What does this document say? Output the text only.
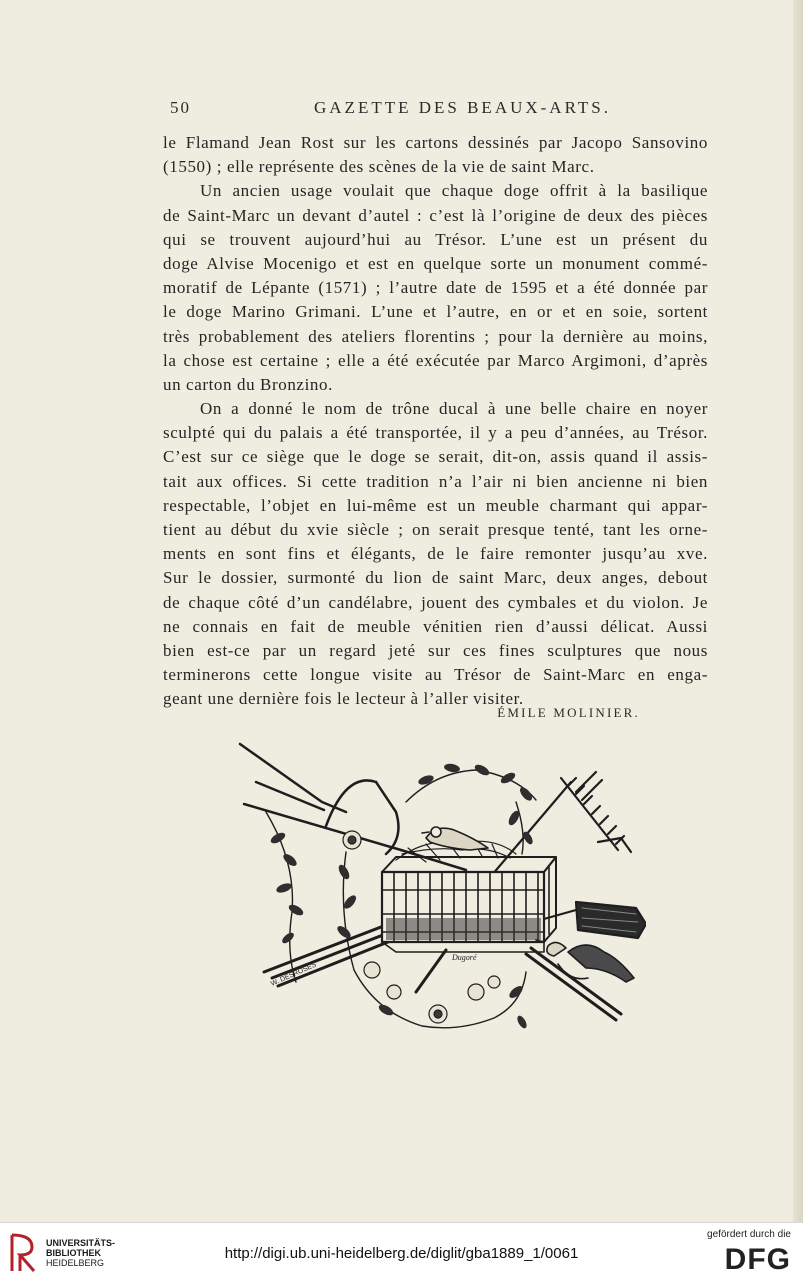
50	GAZETTE DES BEAUX-ARTS.
le Flamand Jean Rost sur les cartons dessinés par Jacopo Sansovino
(1550) ; elle représente des scènes de la vie de saint Marc.
Un ancien usage voulait que chaque doge offrit à la basilique
de Saint-Marc un devant d’autel : c’est là l’origine de deux des pièces
qui se trouvent aujourd’hui au Trésor. L’une est un présent du
doge Alvise Mocenigo et est en quelque sorte un monument commé-
moratif de Lépante (1571) ; l’autre date de 1595 et a été donnée par
le doge Marino Grimani. L’une et l’autre, en or et en soie, sortent
très probablement des ateliers florentins ; pour la dernière au moins,
la chose est certaine ; elle a été exécutée par Marco Argimoni, d’après
un carton du Bronzino.
On a donné le nom de trône ducal à une belle chaire en noyer
sculpté qui du palais a été transportée, il y a peu d’années, au Trésor.
C’est sur ce siège que le doge se serait, dit-on, assis quand il assis-
tait aux offices. Si cette tradition n’a l’air ni bien ancienne ni bien
respectable, l’objet en lui-même est un meuble charmant qui appar-
tient au début du xvie siècle ; on serait presque tenté, tant les orne-
ments en sont fins et élégants, de le faire remonter jusqu’au xve.
Sur le dossier, surmonté du lion de saint Marc, deux anges, debout
de chaque côté d’un candélabre, jouent des cymbales et du violon. Je
ne connais en fait de meuble vénitien rien d’aussi délicat. Aussi
bien est-ce par un regard jeté sur ces fines sculptures que nous
terminerons cette longue visite au Trésor de Saint-Marc en enga-
geant une dernière fois le lecteur à l’aller visiter.
ÉMILE MOLINIER.
Dugoré
W. DESROSES
UNIVERSITÄTS-
BIBLIOTHEK
HEIDELBERG
http://digi.ub.uni-heidelberg.de/diglit/gba1889_1/0061
gefördert durch die
DFG
